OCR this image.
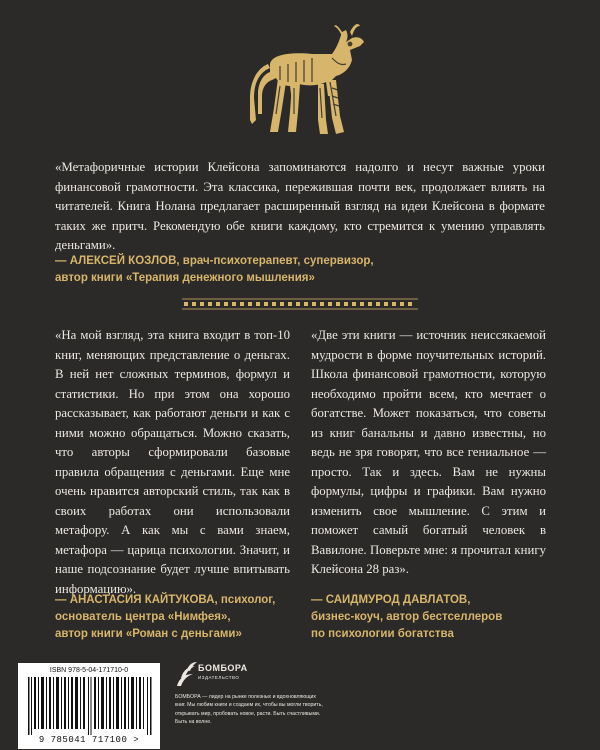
«Метафоричные истории Клейсона запоминаются надолго и несут важные уроки финансовой грамотности. Эта классика, пережившая почти век, продолжает влиять на читателей. Книга Нолана предлагает расширенный взгляд на идеи Клейсона в формате таких же притч. Рекомендую обе книги каждому, кто стремится к умению управлять деньгами».
— АЛЕКСЕЙ КОЗЛОВ, врач-психотерапевт, супервизор,
автор книги «Терапия денежного мышления»
«На мой взгляд, эта книга входит в топ-10 книг, меняющих представление о деньгах. В ней нет сложных терминов, формул и статистики. Но при этом она хорошо рассказывает, как работают деньги и как с ними можно обращаться. Можно сказать, что авторы сформировали базовые правила обращения с деньгами. Еще мне очень нравится авторский стиль, так как в своих работах они использовали метафору. А как мы с вами знаем, метафора — царица психологии. Значит, и наше подсознание будет лучше впитывать информацию».
«Две эти книги — источник неиссякаемой мудрости в форме поучительных историй. Школа финансовой грамотности, которую необходимо пройти всем, кто мечтает о богатстве. Может показаться, что советы из книг банальны и давно известны, но ведь не зря говорят, что все гениальное — просто. Так и здесь. Вам не нужны формулы, цифры и графики. Вам нужно изменить свое мышление. С этим и поможет самый богатый человек в Вавилоне. Поверьте мне: я прочитал книгу Клейсона 28 раз».
— АНАСТАСИЯ КАЙТУКОВА, психолог,
основатель центра «Нимфея»,
автор книги «Роман с деньгами»
— САИДМУРОД ДАВЛАТОВ,
бизнес-коуч, автор бестселлеров
по психологии богатства
ISBN 978-5-04-171710-0
9 785041 717100 >
БОМБОРА
ИЗДАТЕЛЬСТВО
БОМБОРА — лидер на рынке полезных и вдохновляющих книг. Мы любим книги и создаем их, чтобы вы могли творить, открывать мир, пробовать новое, расти. Быть счастливыми. Быть на волне.
